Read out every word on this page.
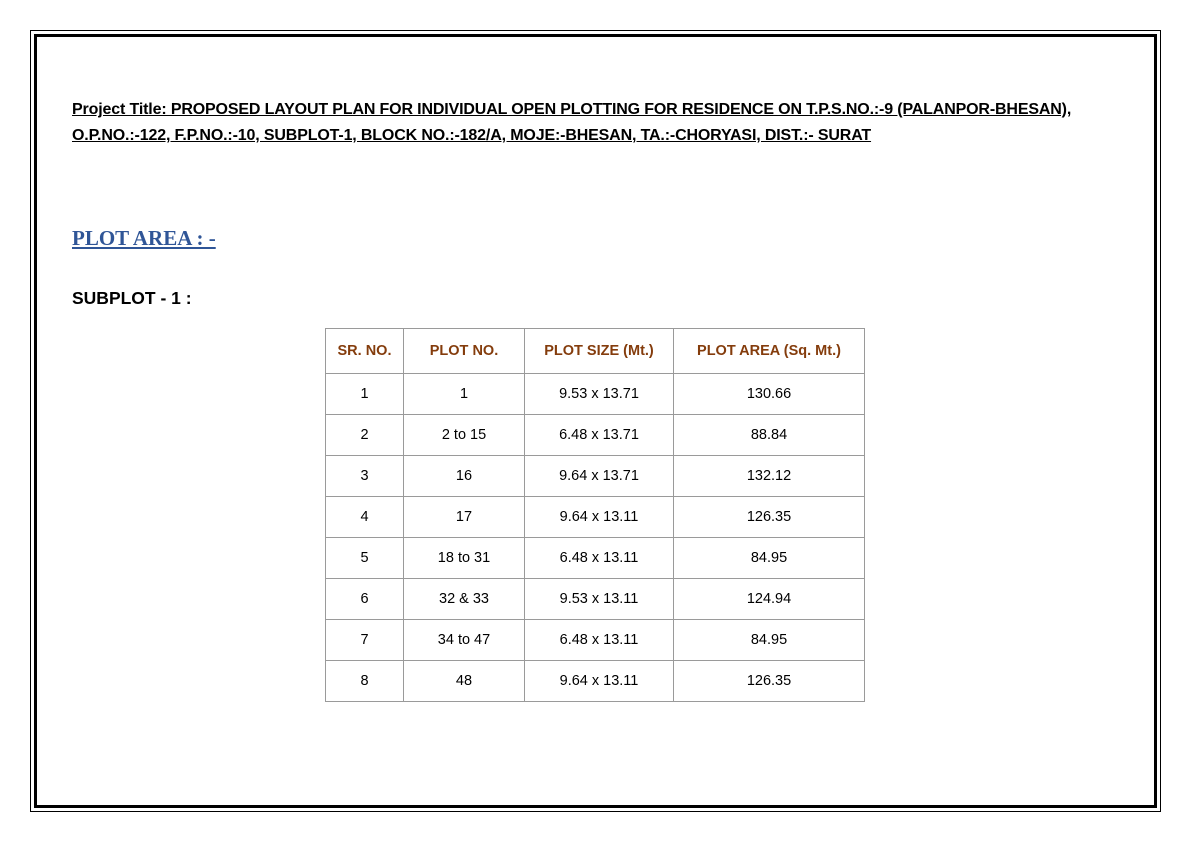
Project Title: PROPOSED LAYOUT PLAN FOR INDIVIDUAL OPEN PLOTTING FOR RESIDENCE ON T.P.S.NO.:-9 (PALANPOR-BHESAN), O.P.NO.:-122, F.P.NO.:-10, SUBPLOT-1, BLOCK NO.:-182/A, MOJE:-BHESAN, TA.:-CHORYASI, DIST.:- SURAT
PLOT AREA : -
SUBPLOT - 1 :
SR. NO.	PLOT NO.	PLOT SIZE (Mt.)	PLOT AREA (Sq. Mt.)
1	1	9.53 x 13.71	130.66
2	2 to 15	6.48 x 13.71	88.84
3	16	9.64 x 13.71	132.12
4	17	9.64 x 13.11	126.35
5	18 to 31	6.48 x 13.11	84.95
6	32 & 33	9.53 x 13.11	124.94
7	34 to 47	6.48 x 13.11	84.95
8	48	9.64 x 13.11	126.35
